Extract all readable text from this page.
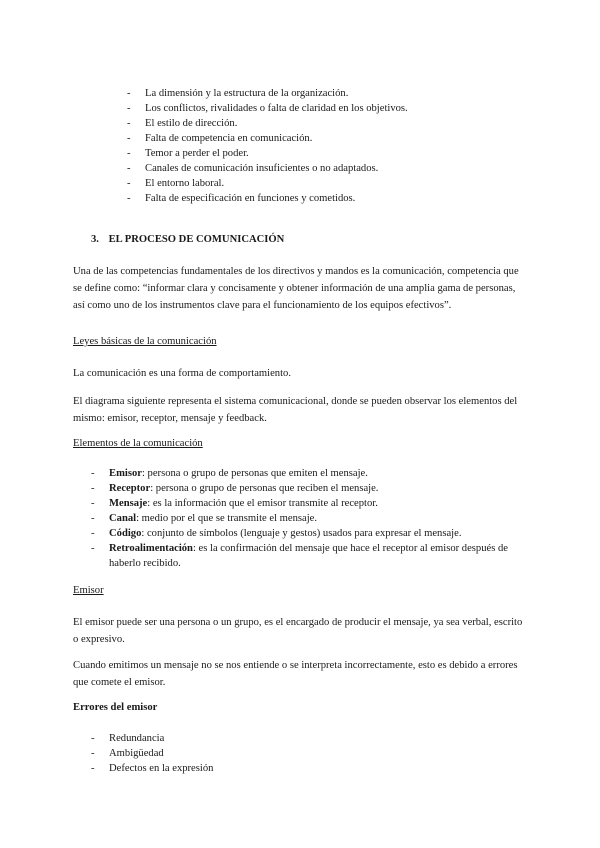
- La dimensión y la estructura de la organización.
- Los conflictos, rivalidades o falta de claridad en los objetivos.
- El estilo de dirección.
- Falta de competencia en comunicación.
- Temor a perder el poder.
- Canales de comunicación insuficientes o no adaptados.
- El entorno laboral.
- Falta de especificación en funciones y cometidos.
3. EL PROCESO DE COMUNICACIÓN

Una de las competencias fundamentales de los directivos y mandos es la comunicación, competencia que se define como: “informar clara y concisamente y obtener información de una amplia gama de personas, así como uno de los instrumentos clave para el funcionamiento de los equipos efectivos”.

Leyes básicas de la comunicación

La comunicación es una forma de comportamiento.

El diagrama siguiente representa el sistema comunicacional, donde se pueden observar los elementos del mismo: emisor, receptor, mensaje y feedback.

Elementos de la comunicación
- Emisor: persona o grupo de personas que emiten el mensaje.
- Receptor: persona o grupo de personas que reciben el mensaje.
- Mensaje: es la información que el emisor transmite al receptor.
- Canal: medio por el que se transmite el mensaje.
- Código: conjunto de símbolos (lenguaje y gestos) usados para expresar el mensaje.
- Retroalimentación: es la confirmación del mensaje que hace el receptor al emisor después de haberlo recibido.
Emisor

El emisor puede ser una persona o un grupo, es el encargado de producir el mensaje, ya sea verbal, escrito o expresivo.

Cuando emitimos un mensaje no se nos entiende o se interpreta incorrectamente, esto es debido a errores que comete el emisor.

Errores del emisor
- Redundancia
- Ambigüedad
- Defectos en la expresión
